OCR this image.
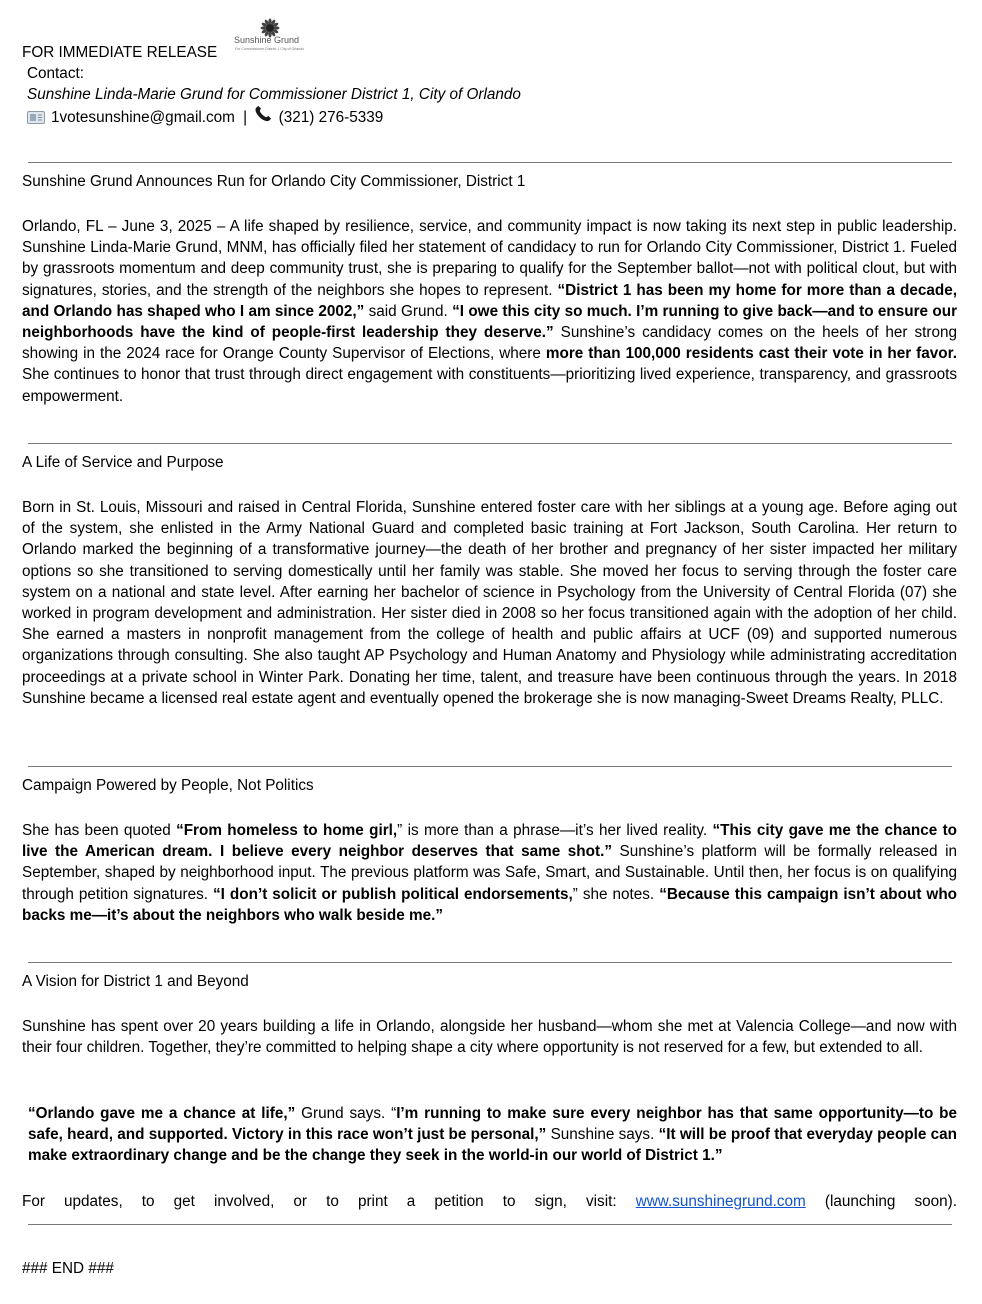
FOR IMMEDIATE RELEASE
Sunshine Grund
For Commissioner District 1 City of Orlando
Contact:
Sunshine Linda-Marie Grund for Commissioner District 1, City of Orlando
1votesunshine@gmail.com | (321) 276-5339
Sunshine Grund Announces Run for Orlando City Commissioner, District 1
Orlando, FL – June 3, 2025 – A life shaped by resilience, service, and community impact is now taking its next step in public leadership. Sunshine Linda-Marie Grund, MNM, has officially filed her statement of candidacy to run for Orlando City Commissioner, District 1. Fueled by grassroots momentum and deep community trust, she is preparing to qualify for the September ballot—not with political clout, but with signatures, stories, and the strength of the neighbors she hopes to represent. “District 1 has been my home for more than a decade, and Orlando has shaped who I am since 2002,” said Grund. “I owe this city so much. I’m running to give back—and to ensure our neighborhoods have the kind of people-first leadership they deserve.” Sunshine’s candidacy comes on the heels of her strong showing in the 2024 race for Orange County Supervisor of Elections, where more than 100,000 residents cast their vote in her favor. She continues to honor that trust through direct engagement with constituents—prioritizing lived experience, transparency, and grassroots empowerment.
A Life of Service and Purpose
Born in St. Louis, Missouri and raised in Central Florida, Sunshine entered foster care with her siblings at a young age. Before aging out of the system, she enlisted in the Army National Guard and completed basic training at Fort Jackson, South Carolina. Her return to Orlando marked the beginning of a transformative journey—the death of her brother and pregnancy of her sister impacted her military options so she transitioned to serving domestically until her family was stable. She moved her focus to serving through the foster care system on a national and state level. After earning her bachelor of science in Psychology from the University of Central Florida (07) she worked in program development and administration. Her sister died in 2008 so her focus transitioned again with the adoption of her child. She earned a masters in nonprofit management from the college of health and public affairs at UCF (09) and supported numerous organizations through consulting. She also taught AP Psychology and Human Anatomy and Physiology while administrating accreditation proceedings at a private school in Winter Park. Donating her time, talent, and treasure have been continuous through the years. In 2018 Sunshine became a licensed real estate agent and eventually opened the brokerage she is now managing-Sweet Dreams Realty, PLLC.
Campaign Powered by People, Not Politics
She has been quoted “From homeless to home girl,” is more than a phrase—it’s her lived reality. “This city gave me the chance to live the American dream. I believe every neighbor deserves that same shot.” Sunshine’s platform will be formally released in September, shaped by neighborhood input. The previous platform was Safe, Smart, and Sustainable. Until then, her focus is on qualifying through petition signatures. “I don’t solicit or publish political endorsements,” she notes. “Because this campaign isn’t about who backs me—it’s about the neighbors who walk beside me.”
A Vision for District 1 and Beyond
Sunshine has spent over 20 years building a life in Orlando, alongside her husband—whom she met at Valencia College—and now with their four children. Together, they’re committed to helping shape a city where opportunity is not reserved for a few, but extended to all.
“Orlando gave me a chance at life,” Grund says. “I’m running to make sure every neighbor has that same opportunity—to be safe, heard, and supported. Victory in this race won’t just be personal,” Sunshine says. “It will be proof that everyday people can make extraordinary change and be the change they seek in the world-in our world of District 1.”
For updates, to get involved, or to print a petition to sign, visit: www.sunshinegrund.com (launching soon).
### END ###
